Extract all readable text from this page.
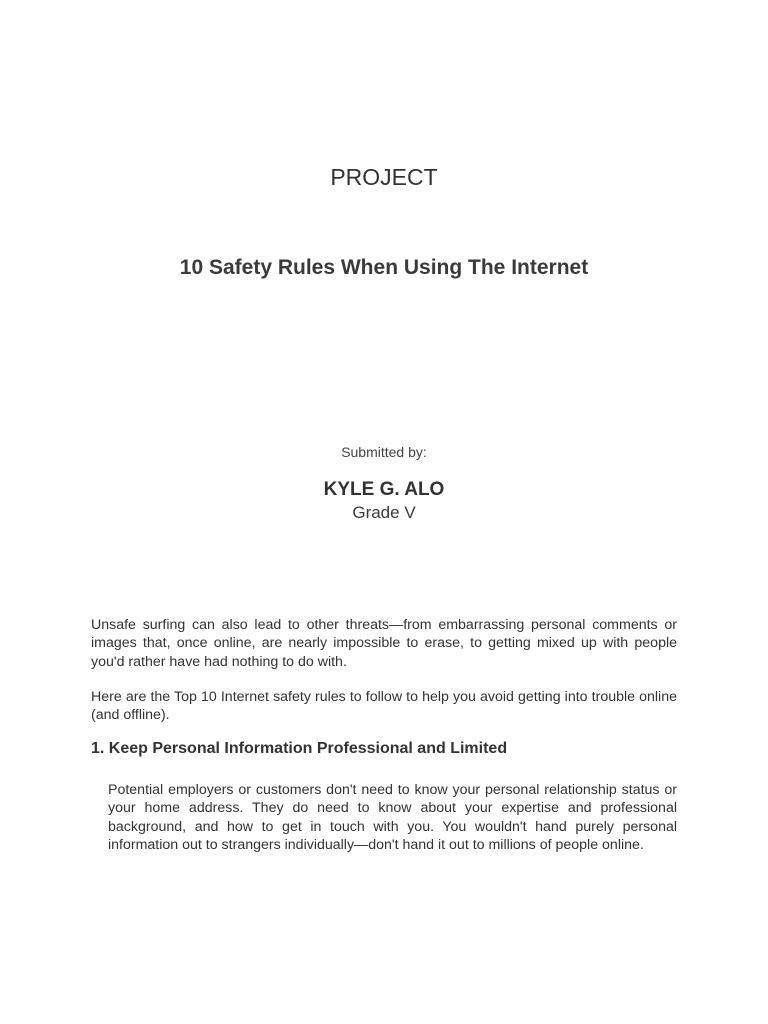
PROJECT
10 Safety Rules When Using The Internet
Submitted by:
KYLE G. ALO
Grade V

Unsafe surfing can also lead to other threats—from embarrassing personal comments or images that, once online, are nearly impossible to erase, to getting mixed up with people you'd rather have had nothing to do with.

Here are the Top 10 Internet safety rules to follow to help you avoid getting into trouble online (and offline).

1. Keep Personal Information Professional and Limited

Potential employers or customers don't need to know your personal relationship status or your home address. They do need to know about your expertise and professional background, and how to get in touch with you. You wouldn't hand purely personal information out to strangers individually—don't hand it out to millions of people online.
